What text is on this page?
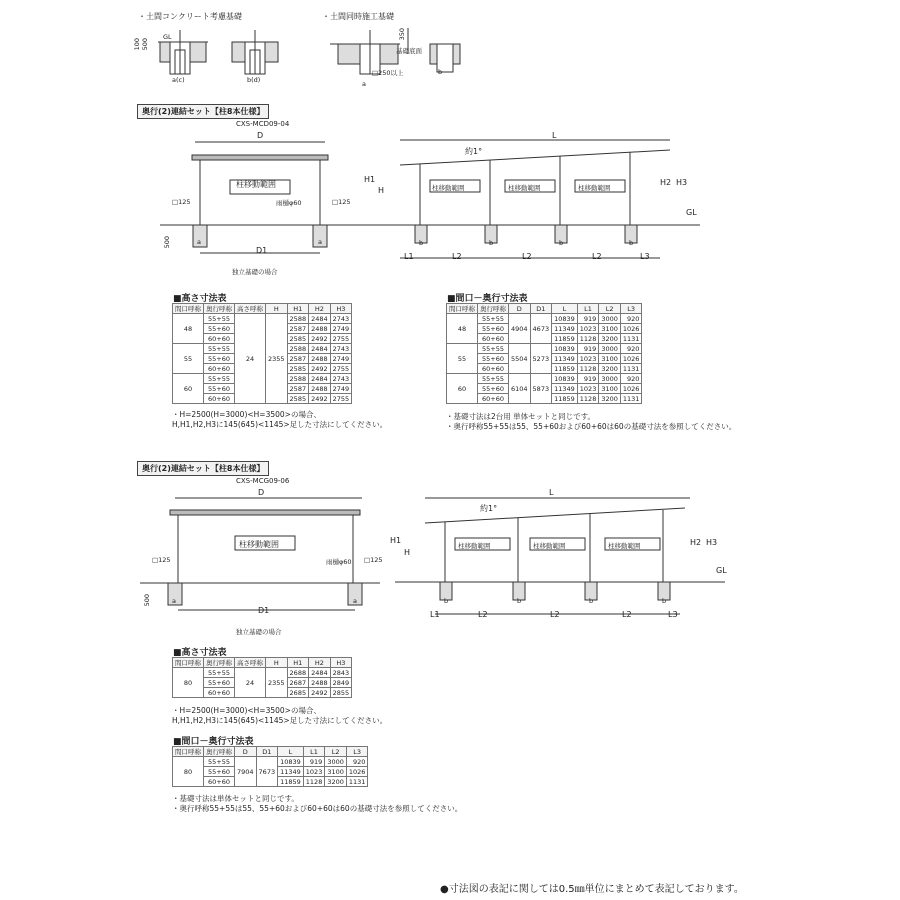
・土間コンクリート考慮基礎	・土間同時施工基礎
GL
100 500
a(c)	b(d)
350
基礎底面
□250以上
a
b
奥行(2)連結セット【柱8本仕様】
CXS-MCD09-04
D
柱移動範囲
雨樋φ60
□125	□125
500	a	a
D1
独立基礎の場合
L
約1°
H1
H
H2 H3
GL
柱移動範囲	柱移動範囲	柱移動範囲
b	b	b	b
L1	L2	L2	L2	L3
■高さ寸法表
間口呼称	奥行呼称	高さ呼称	H	H1	H2	H3
48	55+55	24	2355	2588	2484	2743
	55+60			2587	2488	2749
	60+60			2585	2492	2755
55	55+55			2588	2484	2743
	55+60			2587	2488	2749
	60+60			2585	2492	2755
60	55+55			2588	2484	2743
	55+60			2587	2488	2749
	60+60			2585	2492	2755
・H=2500(H=3000)<H=3500>の場合、
H,H1,H2,H3に145(645)<1145>足した寸法にしてください。
■間口－奥行寸法表
間口呼称	奥行呼称	D	D1	L	L1	L2	L3
48	55+55	4904	4673	10839	919	3000	920
	55+60			11349	1023	3100	1026
	60+60			11859	1128	3200	1131
55	55+55	5504	5273	10839	919	3000	920
	55+60			11349	1023	3100	1026
	60+60			11859	1128	3200	1131
60	55+55	6104	5873	10839	919	3000	920
	55+60			11349	1023	3100	1026
	60+60			11859	1128	3200	1131
・基礎寸法は2台用 単体セットと同じです。
・奥行呼称55+55は55、55+60および60+60は60の基礎寸法を参照してください。
奥行(2)連結セット【柱8本仕様】
CXS-MCG09-06
D
柱移動範囲
雨樋φ60
□125	□125
500	a	a
D1
独立基礎の場合
L
約1°
H1
H
H2 H3
GL
柱移動範囲	柱移動範囲	柱移動範囲
b	b	b	b
L1	L2	L2	L2	L3
■高さ寸法表
間口呼称	奥行呼称	高さ呼称	H	H1	H2	H3
80	55+55	24	2355	2688	2484	2843
	55+60			2687	2488	2849
	60+60			2685	2492	2855
・H=2500(H=3000)<H=3500>の場合、
H,H1,H2,H3に145(645)<1145>足した寸法にしてください。
■間口－奥行寸法表
間口呼称	奥行呼称	D	D1	L	L1	L2	L3
80	55+55	7904	7673	10839	919	3000	920
	55+60			11349	1023	3100	1026
	60+60			11859	1128	3200	1131
・基礎寸法は単体セットと同じです。
・奥行呼称55+55は55、55+60および60+60は60の基礎寸法を参照してください。
●寸法図の表記に関しては0.5㎜単位にまとめて表記しております。
